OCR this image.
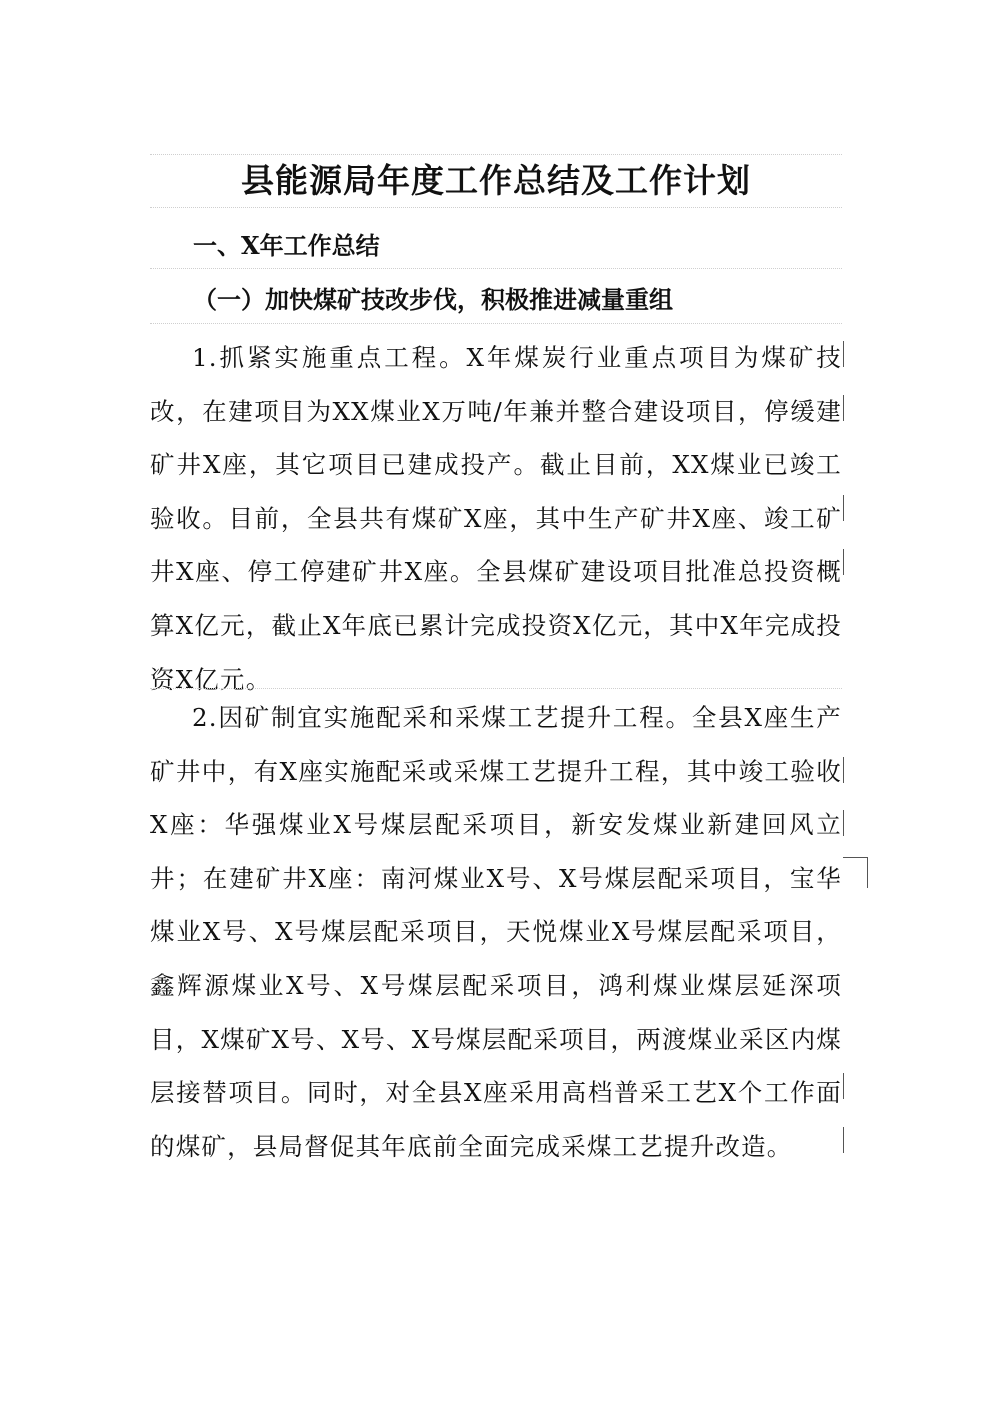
县能源局年度工作总结及工作计划
一、X年工作总结
（一）加快煤矿技改步伐，积极推进减量重组

1.抓紧实施重点工程。X年煤炭行业重点项目为煤矿技改，在建项目为XX煤业X万吨/年兼并整合建设项目，停缓建矿井X座，其它项目已建成投产。截止目前，XX煤业已竣工验收。目前，全县共有煤矿X座，其中生产矿井X座、竣工矿井X座、停工停建矿井X座。全县煤矿建设项目批准总投资概算X亿元，截止X年底已累计完成投资X亿元，其中X年完成投资X亿元。

2.因矿制宜实施配采和采煤工艺提升工程。全县X座生产矿井中，有X座实施配采或采煤工艺提升工程，其中竣工验收X座：华强煤业X号煤层配采项目，新安发煤业新建回风立井；在建矿井X座：南河煤业X号、X号煤层配采项目，宝华煤业X号、X号煤层配采项目，天悦煤业X号煤层配采项目，鑫辉源煤业X号、X号煤层配采项目，鸿利煤业煤层延深项目，X煤矿X号、X号、X号煤层配采项目，两渡煤业采区内煤层接替项目。同时，对全县X座采用高档普采工艺X个工作面的煤矿，县局督促其年底前全面完成采煤工艺提升改造。
